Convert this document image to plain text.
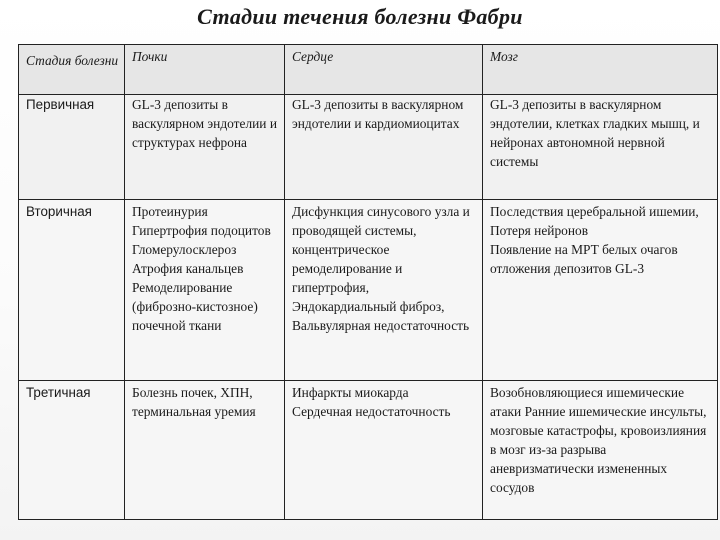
Стадии течения болезни Фабри
Стадия болезни	Почки	Сердце	Мозг
Первичная	GL-3 депозиты в васкулярном эндотелии и структурах нефрона	GL-3 депозиты в васкулярном эндотелии и кардиомиоцитах	GL-3 депозиты в васкулярном эндотелии, клетках гладких мышц, и нейронах автономной нервной системы
Вторичная	Протеинурия
Гипертрофия подоцитов
Гломерулосклероз
Атрофия канальцев
Ремоделирование (фиброзно-кистозное) почечной ткани	Дисфункция синусового узла и проводящей системы, концентрическое ремоделирование и гипертрофия,
Эндокардиальный фиброз,
Вальвулярная недостаточность	Последствия церебральной ишемии,
Потеря нейронов
Появление на МРТ белых очагов отложения депозитов GL-3
Третичная	Болезнь почек, ХПН, терминальная уремия	Инфаркты миокарда
Сердечная недостаточность	Возобновляющиеся ишемические атаки Ранние ишемические инсульты, мозговые катастрофы, кровоизлияния в мозг из-за разрыва аневризматически измененных сосудов
